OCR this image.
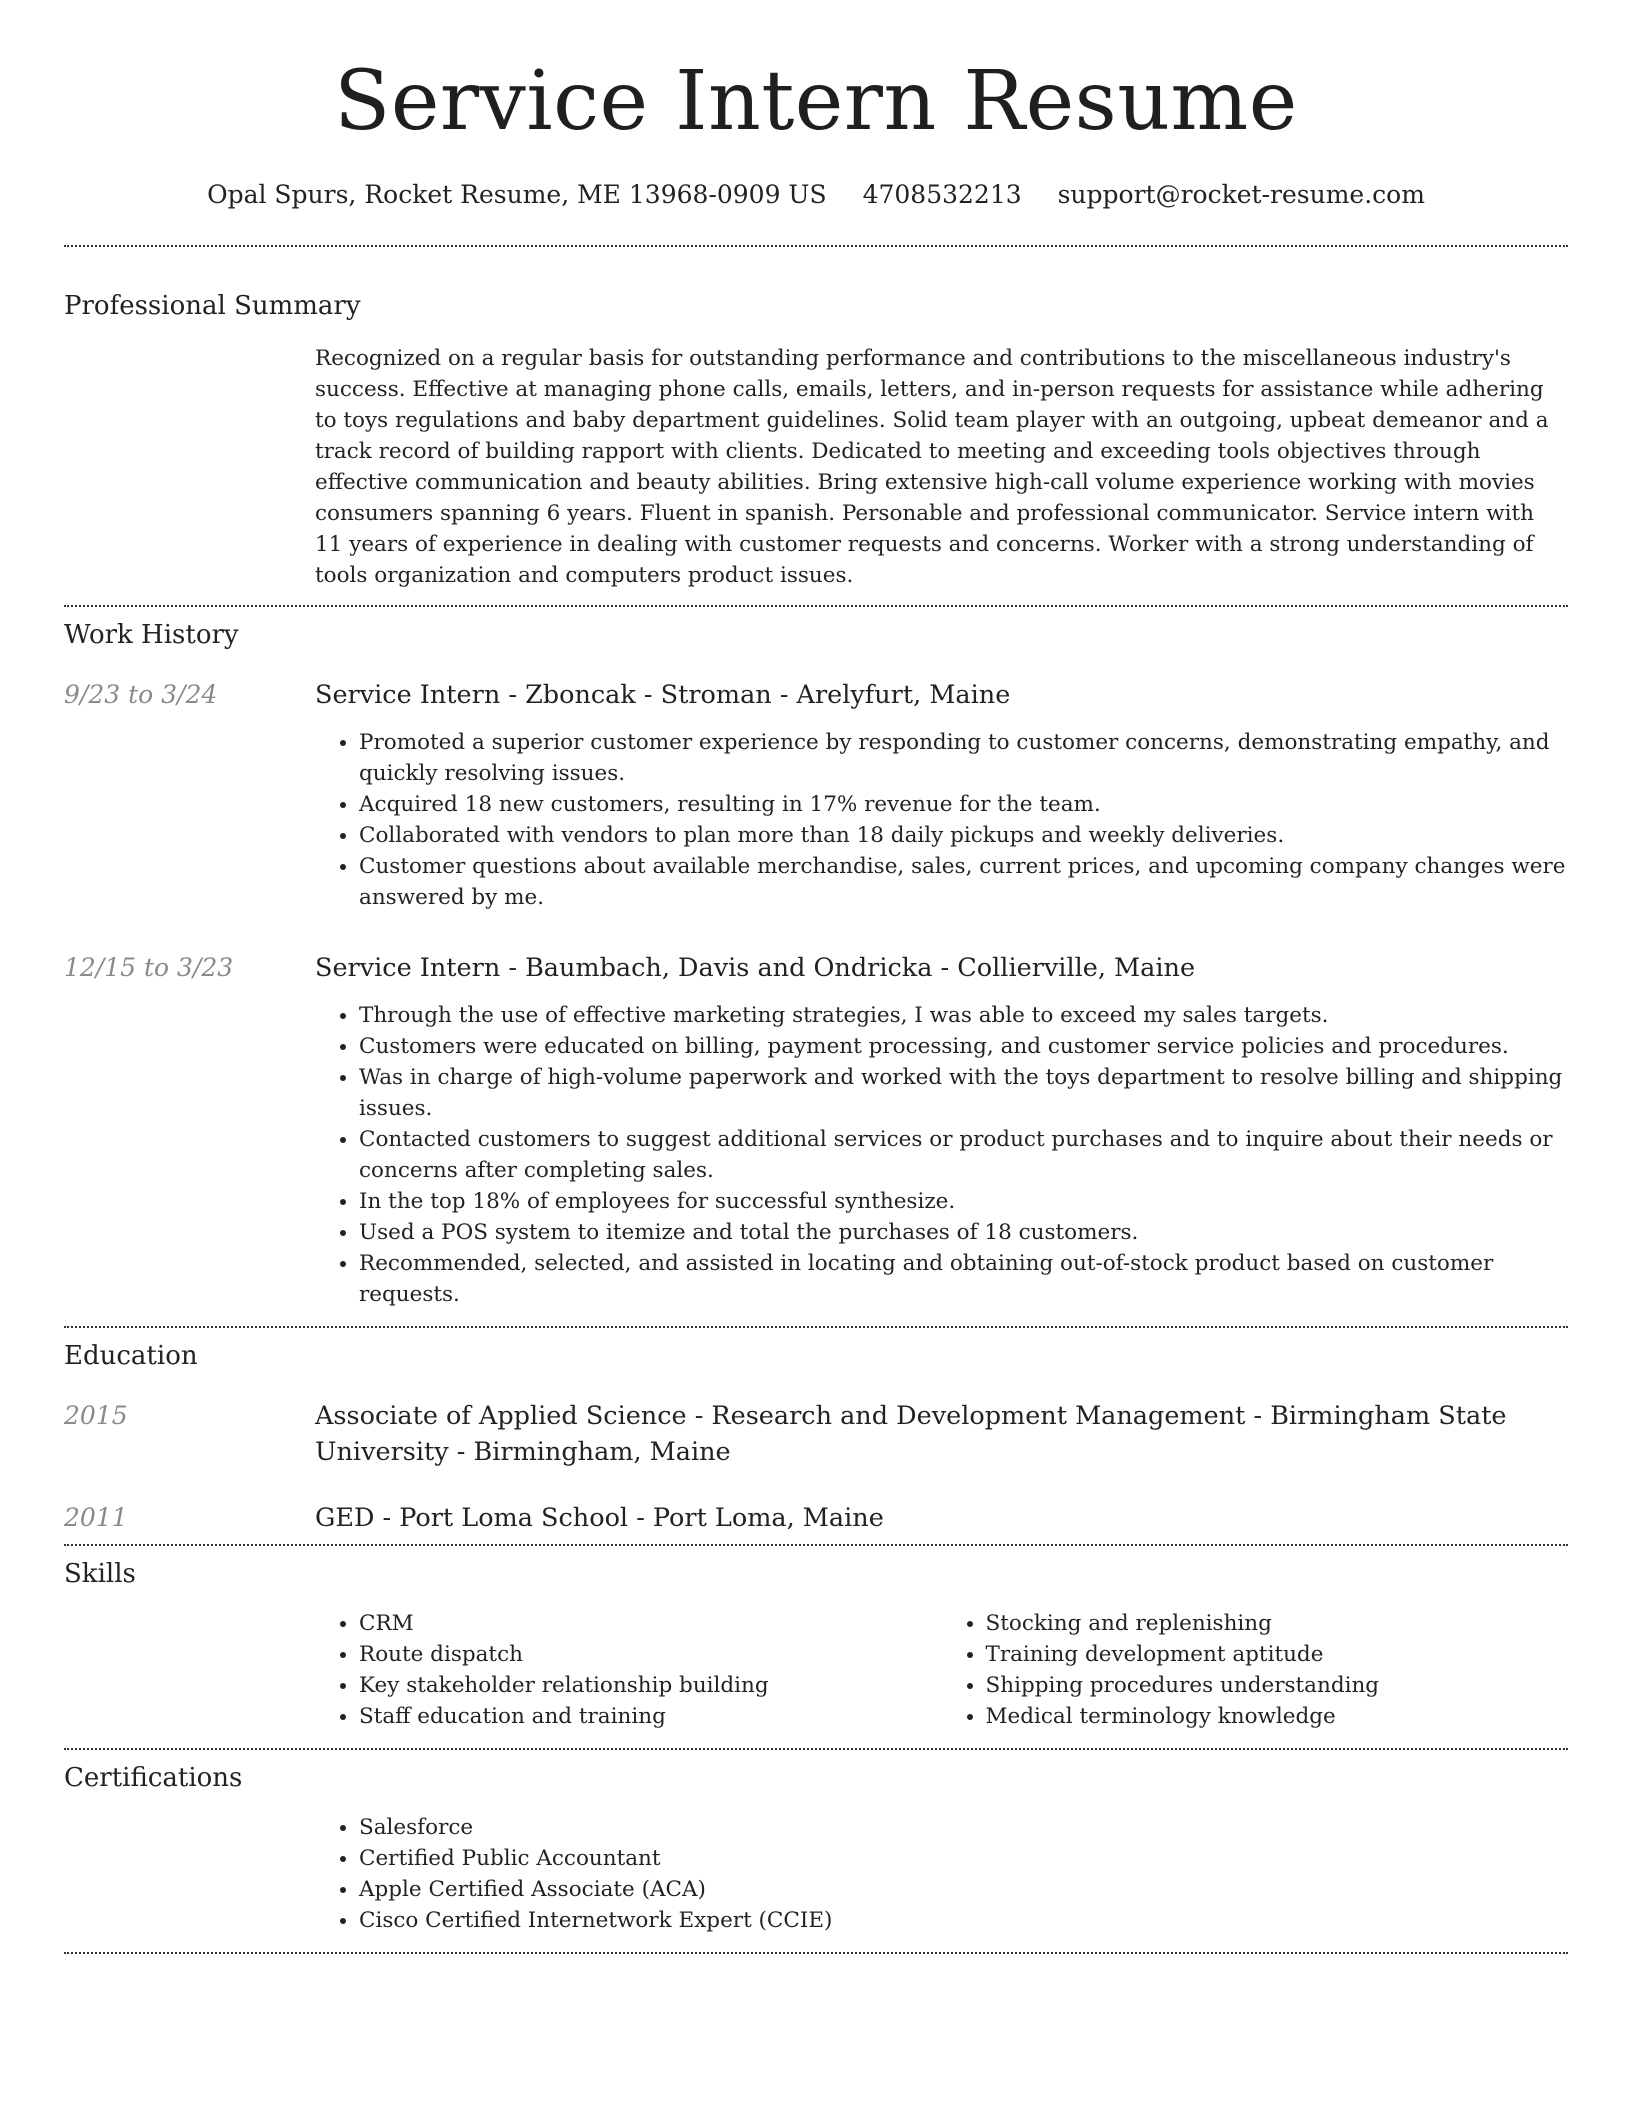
Service Intern Resume
Opal Spurs, Rocket Resume, ME 13968-0909 US 4708532213 support@rocket-resume.com
Professional Summary
Recognized on a regular basis for outstanding performance and contributions to the miscellaneous industry's success. Effective at managing phone calls, emails, letters, and in-person requests for assistance while adhering to toys regulations and baby department guidelines. Solid team player with an outgoing, upbeat demeanor and a track record of building rapport with clients. Dedicated to meeting and exceeding tools objectives through effective communication and beauty abilities. Bring extensive high-call volume experience working with movies consumers spanning 6 years. Fluent in spanish. Personable and professional communicator. Service intern with 11 years of experience in dealing with customer requests and concerns. Worker with a strong understanding of tools organization and computers product issues.
Work History
9/23 to 3/24	Service Intern - Zboncak - Stroman - Arelyfurt, Maine
• Promoted a superior customer experience by responding to customer concerns, demonstrating empathy, and quickly resolving issues.
• Acquired 18 new customers, resulting in 17% revenue for the team.
• Collaborated with vendors to plan more than 18 daily pickups and weekly deliveries.
• Customer questions about available merchandise, sales, current prices, and upcoming company changes were answered by me.
12/15 to 3/23	Service Intern - Baumbach, Davis and Ondricka - Collierville, Maine
• Through the use of effective marketing strategies, I was able to exceed my sales targets.
• Customers were educated on billing, payment processing, and customer service policies and procedures.
• Was in charge of high-volume paperwork and worked with the toys department to resolve billing and shipping issues.
• Contacted customers to suggest additional services or product purchases and to inquire about their needs or concerns after completing sales.
• In the top 18% of employees for successful synthesize.
• Used a POS system to itemize and total the purchases of 18 customers.
• Recommended, selected, and assisted in locating and obtaining out-of-stock product based on customer requests.
Education
2015	Associate of Applied Science - Research and Development Management - Birmingham State University - Birmingham, Maine
2011	GED - Port Loma School - Port Loma, Maine
Skills
• CRM
• Route dispatch
• Key stakeholder relationship building
• Staff education and training
• Stocking and replenishing
• Training development aptitude
• Shipping procedures understanding
• Medical terminology knowledge
Certifications
• Salesforce
• Certified Public Accountant
• Apple Certified Associate (ACA)
• Cisco Certified Internetwork Expert (CCIE)
